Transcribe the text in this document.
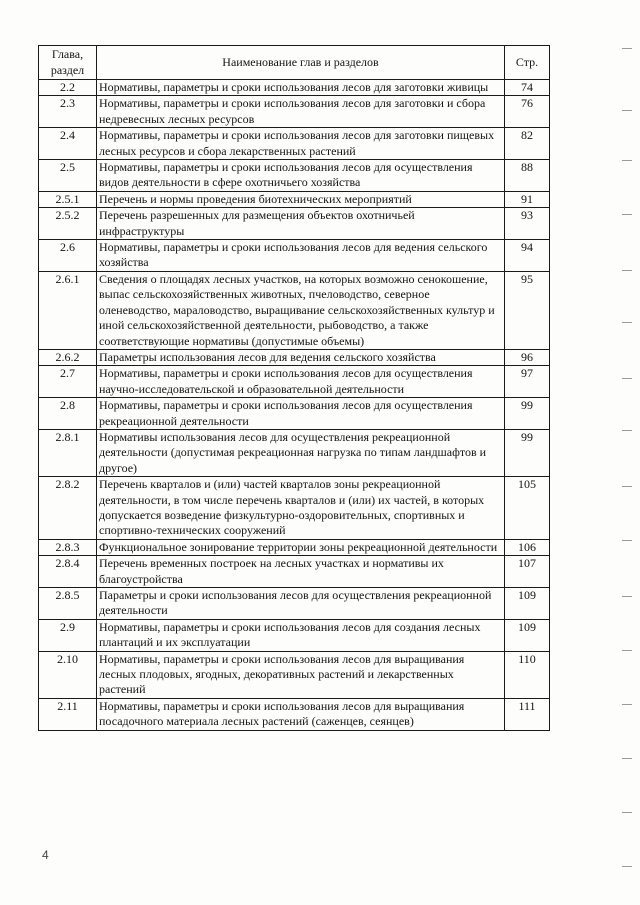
Глава, раздел	Наименование глав и разделов	Стр.
2.2	Нормативы, параметры и сроки использования лесов для заготовки живицы	74
2.3	Нормативы, параметры и сроки использования лесов для заготовки и сбора недревесных лесных ресурсов	76
2.4	Нормативы, параметры и сроки использования лесов для заготовки пищевых лесных ресурсов и сбора лекарственных растений	82
2.5	Нормативы, параметры и сроки использования лесов для осуществления видов деятельности в сфере охотничьего хозяйства	88
2.5.1	Перечень и нормы проведения биотехнических мероприятий	91
2.5.2	Перечень разрешенных для размещения объектов охотничьей инфраструктуры	93
2.6	Нормативы, параметры и сроки использования лесов для ведения сельского хозяйства	94
2.6.1	Сведения о площадях лесных участков, на которых возможно сенокошение, выпас сельскохозяйственных животных, пчеловодство, северное оленеводство, мараловодство, выращивание сельскохозяйственных культур и иной сельскохозяйственной деятельности, рыбоводство, а также соответствующие нормативы (допустимые объемы)	95
2.6.2	Параметры использования лесов для ведения сельского хозяйства	96
2.7	Нормативы, параметры и сроки использования лесов для осуществления научно-исследовательской и образовательной деятельности	97
2.8	Нормативы, параметры и сроки использования лесов для осуществления рекреационной деятельности	99
2.8.1	Нормативы использования лесов для осуществления рекреационной деятельности (допустимая рекреационная нагрузка по типам ландшафтов и другое)	99
2.8.2	Перечень кварталов и (или) частей кварталов зоны рекреационной деятельности, в том числе перечень кварталов и (или) их частей, в которых допускается возведение физкультурно-оздоровительных, спортивных и спортивно-технических сооружений	105
2.8.3	Функциональное зонирование территории зоны рекреационной деятельности	106
2.8.4	Перечень временных построек на лесных участках и нормативы их благоустройства	107
2.8.5	Параметры и сроки использования лесов для осуществления рекреационной деятельности	109
2.9	Нормативы, параметры и сроки использования лесов для создания лесных плантаций и их эксплуатации	109
2.10	Нормативы, параметры и сроки использования лесов для выращивания лесных плодовых, ягодных, декоративных растений и лекарственных растений	110
2.11	Нормативы, параметры и сроки использования лесов для выращивания посадочного материала лесных растений (саженцев, сеянцев)	111
4
